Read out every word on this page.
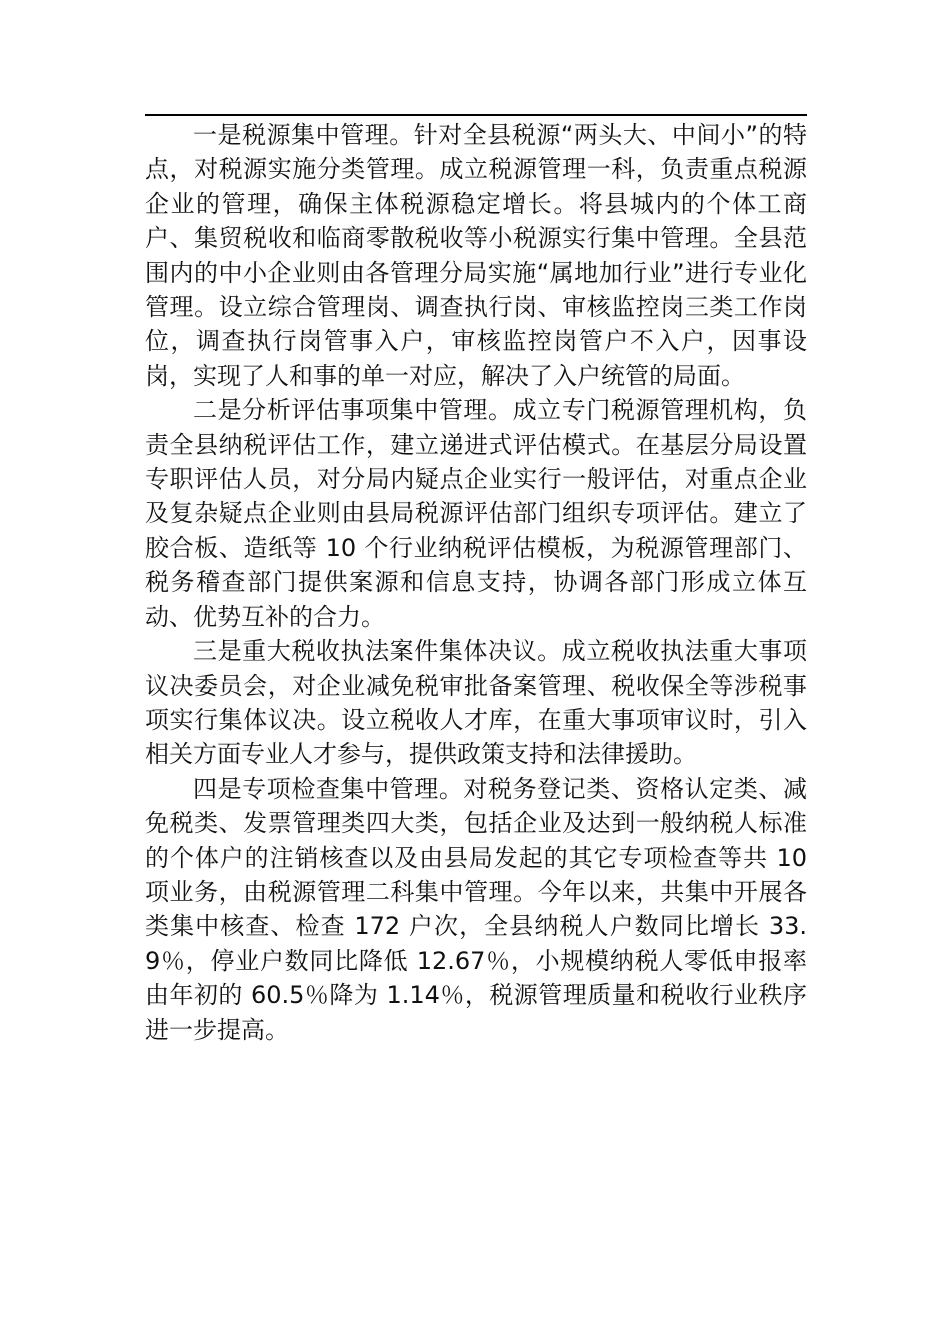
一是税源集中管理。针对全县税源“两头大、中间小”的特点，对税源实施分类管理。成立税源管理一科，负责重点税源企业的管理，确保主体税源稳定增长。将县城内的个体工商户、集贸税收和临商零散税收等小税源实行集中管理。全县范围内的中小企业则由各管理分局实施“属地加行业”进行专业化管理。设立综合管理岗、调查执行岗、审核监控岗三类工作岗位，调查执行岗管事入户，审核监控岗管户不入户，因事设岗，实现了人和事的单一对应，解决了入户统管的局面。

二是分析评估事项集中管理。成立专门税源管理机构，负责全县纳税评估工作，建立递进式评估模式。在基层分局设置专职评估人员，对分局内疑点企业实行一般评估，对重点企业及复杂疑点企业则由县局税源评估部门组织专项评估。建立了胶合板、造纸等 10 个行业纳税评估模板，为税源管理部门、税务稽查部门提供案源和信息支持，协调各部门形成立体互动、优势互补的合力。

三是重大税收执法案件集体决议。成立税收执法重大事项议决委员会，对企业减免税审批备案管理、税收保全等涉税事项实行集体议决。设立税收人才库，在重大事项审议时，引入相关方面专业人才参与，提供政策支持和法律援助。

四是专项检查集中管理。对税务登记类、资格认定类、减免税类、发票管理类四大类，包括企业及达到一般纳税人标准的个体户的注销核查以及由县局发起的其它专项检查等共 10 项业务，由税源管理二科集中管理。今年以来，共集中开展各类集中核查、检查 172 户次，全县纳税人户数同比增长 33.9％，停业户数同比降低 12.67％，小规模纳税人零低申报率由年初的 60.5％降为 1.14％，税源管理质量和税收行业秩序进一步提高。
